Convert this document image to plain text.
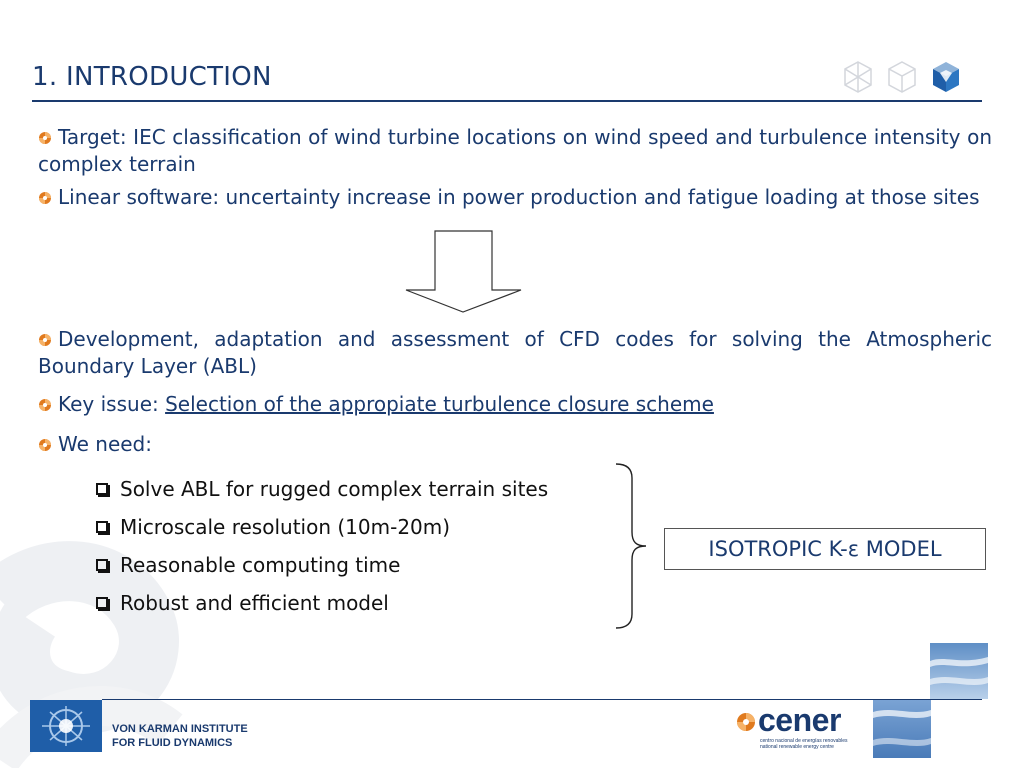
1. INTRODUCTION

Target: IEC classification of wind turbine locations on wind speed and turbulence intensity on complex terrain

Linear software: uncertainty increase in power production and fatigue loading at those sites

Development, adaptation and assessment of CFD codes for solving the Atmospheric Boundary Layer (ABL)

Key issue: Selection of the appropiate turbulence closure scheme

We need:

Solve ABL for rugged complex terrain sites
Microscale resolution (10m-20m)
Reasonable computing time
Robust and efficient model
ISOTROPIC K-ε MODEL
VON KARMAN INSTITUTE
FOR FLUID DYNAMICS
cener
centro nacional de energías renovables
national renewable energy centre
